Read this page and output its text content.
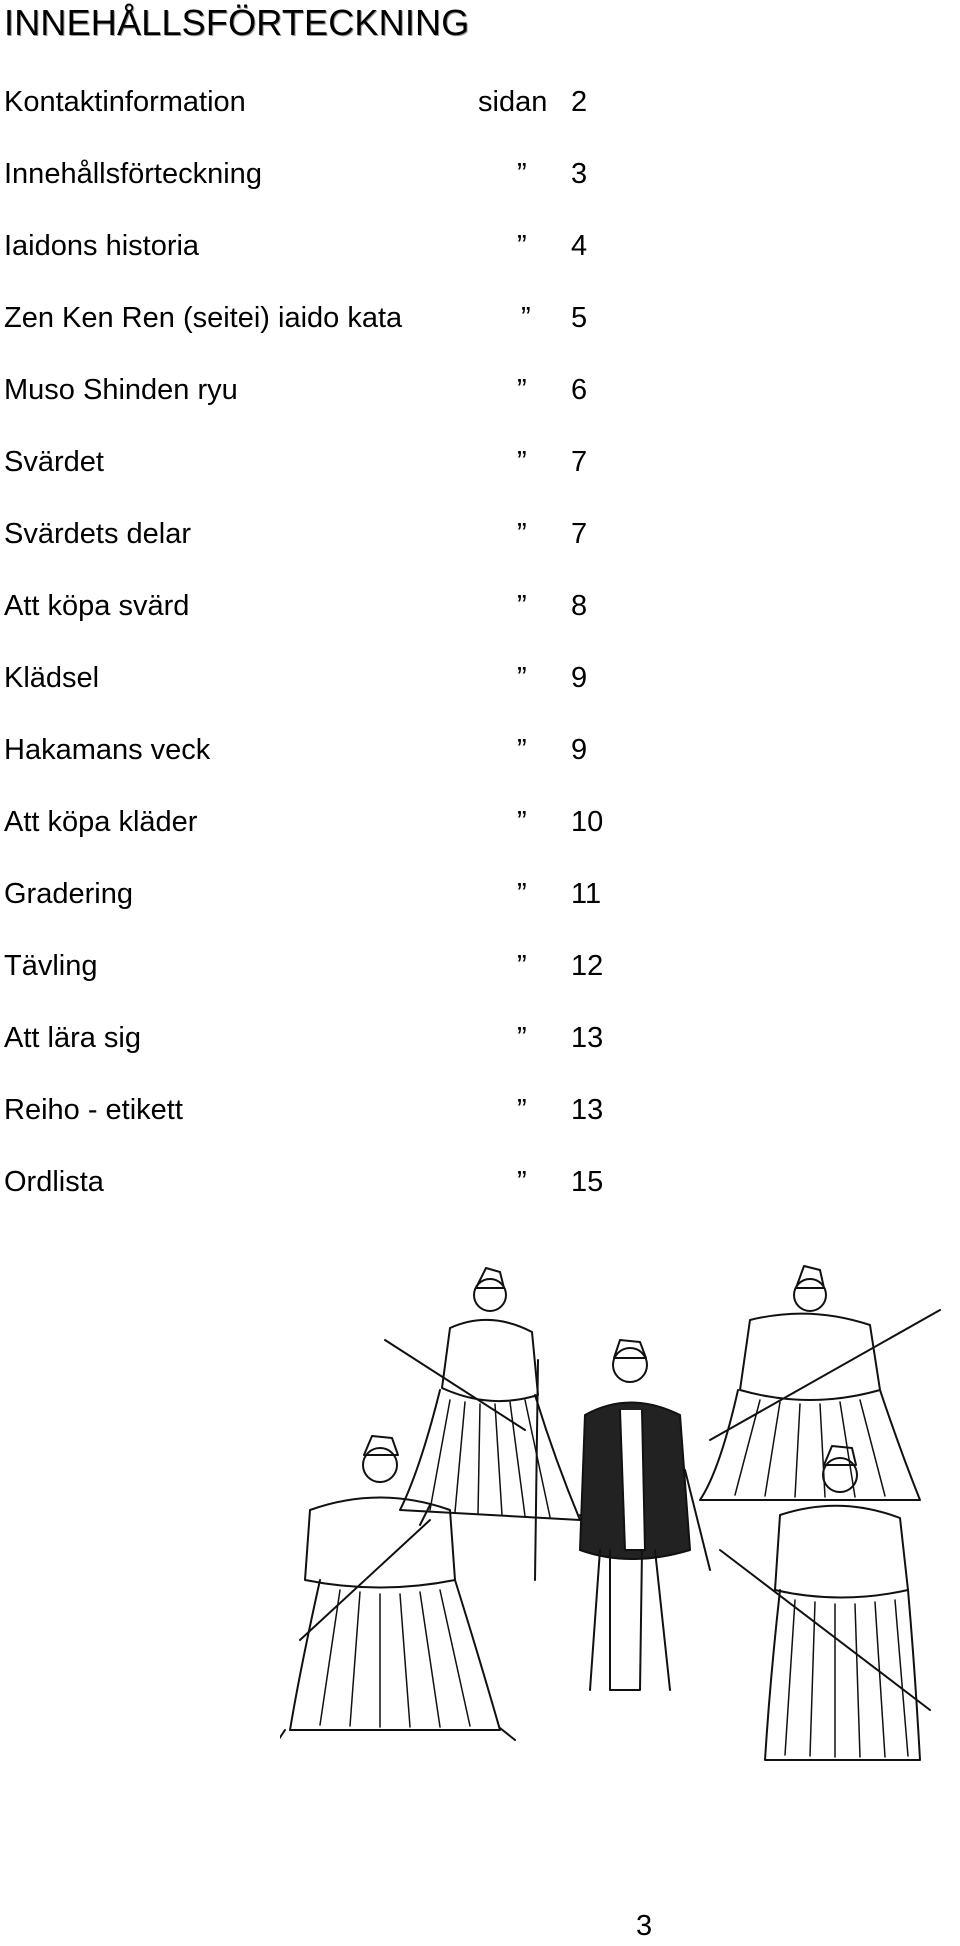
INNEHÅLLSFÖRTECKNING
Kontaktinformation	sidan 2
Innehållsförteckning	” 3
Iaidons historia	” 4
Zen Ken Ren (seitei) iaido kata	” 5
Muso Shinden ryu	” 6
Svärdet	” 7
Svärdets delar	” 7
Att köpa svärd	” 8
Klädsel	” 9
Hakamans veck	” 9
Att köpa kläder	” 10
Gradering	” 11
Tävling	” 12
Att lära sig	” 13
Reiho - etikett	” 13
Ordlista	” 15
3
